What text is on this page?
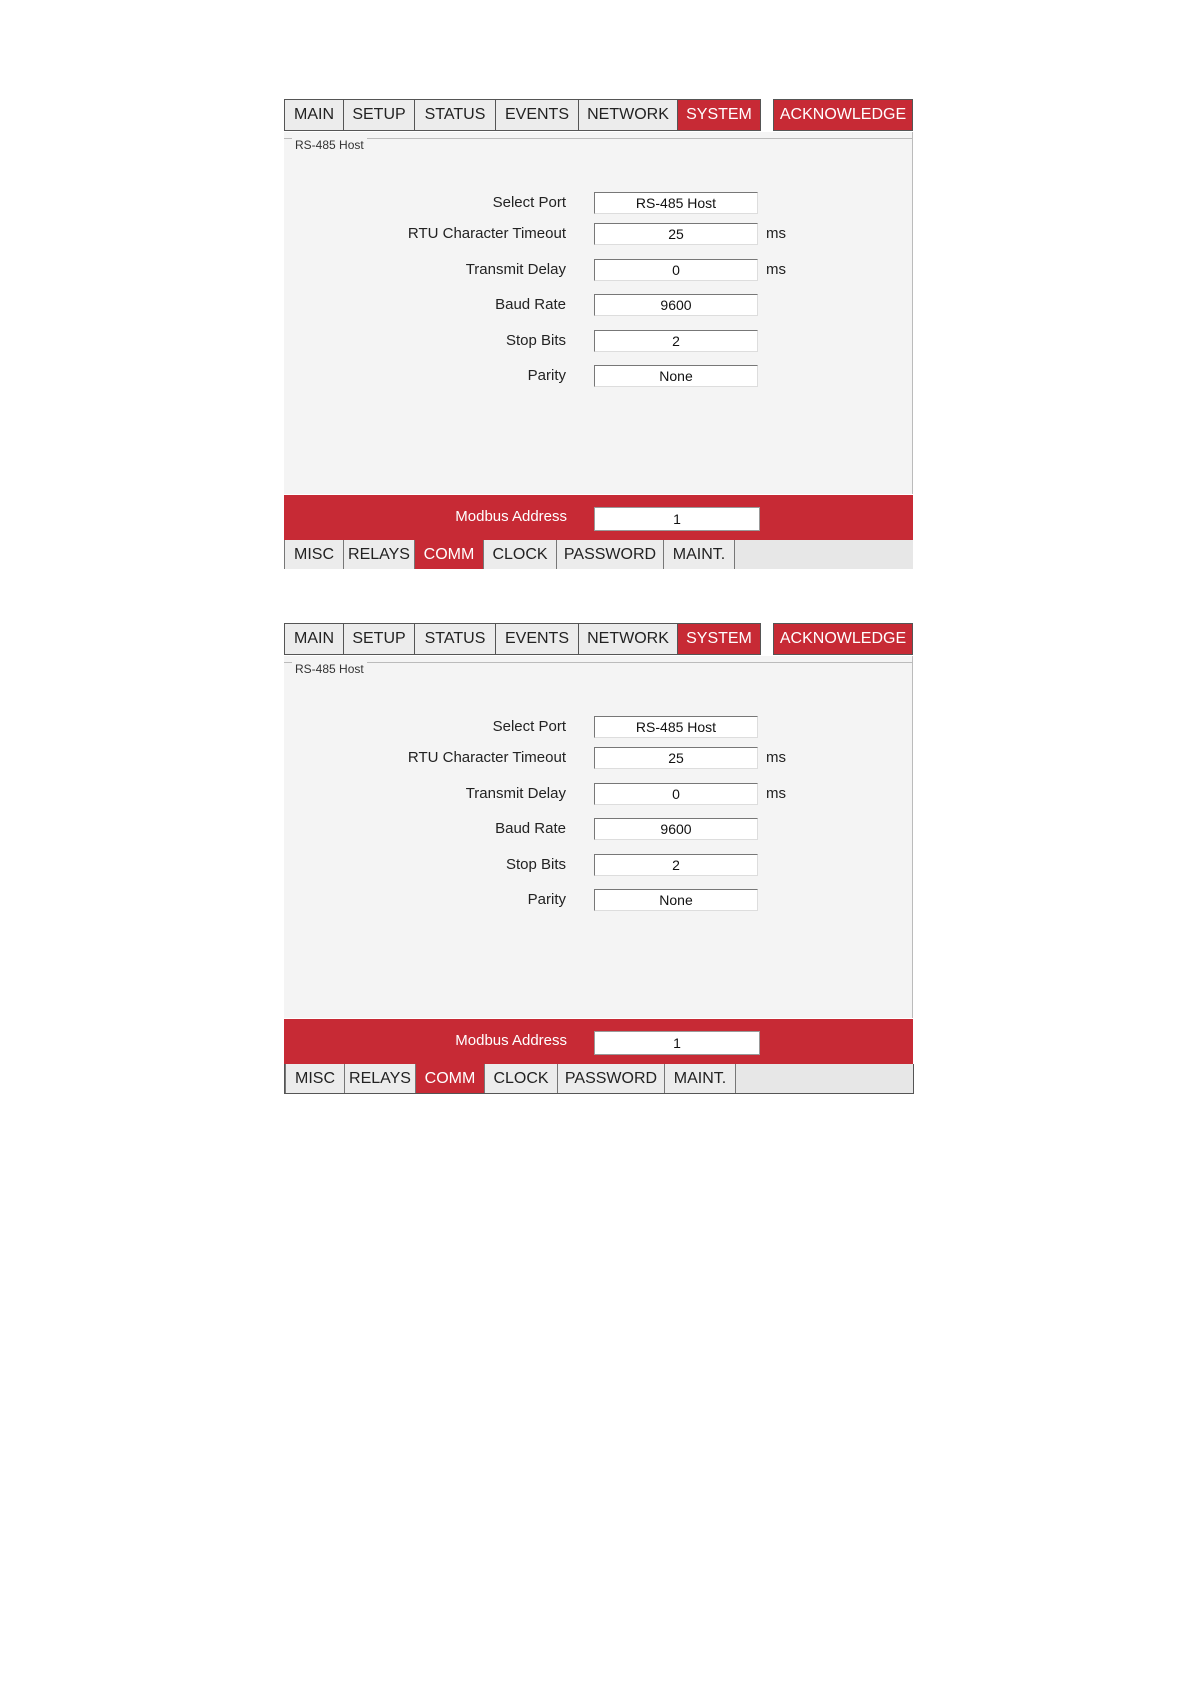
MAIN	SETUP	STATUS	EVENTS	NETWORK	SYSTEM	ACKNOWLEDGE
RS-485 Host
Select Port	RS-485 Host
RTU Character Timeout	25	ms
Transmit Delay	0	ms
Baud Rate	9600
Stop Bits	2
Parity	None
Modbus Address	1
MISC RELAYS COMM	CLOCK	PASSWORD	MAINT.
MAIN	SETUP	STATUS	EVENTS	NETWORK	SYSTEM	ACKNOWLEDGE
RS-485 Host
Select Port	RS-485 Host
RTU Character Timeout	25	ms
Transmit Delay	0	ms
Baud Rate	9600
Stop Bits	2
Parity	None
Modbus Address	1
MISC RELAYS COMM	CLOCK	PASSWORD	MAINT.
